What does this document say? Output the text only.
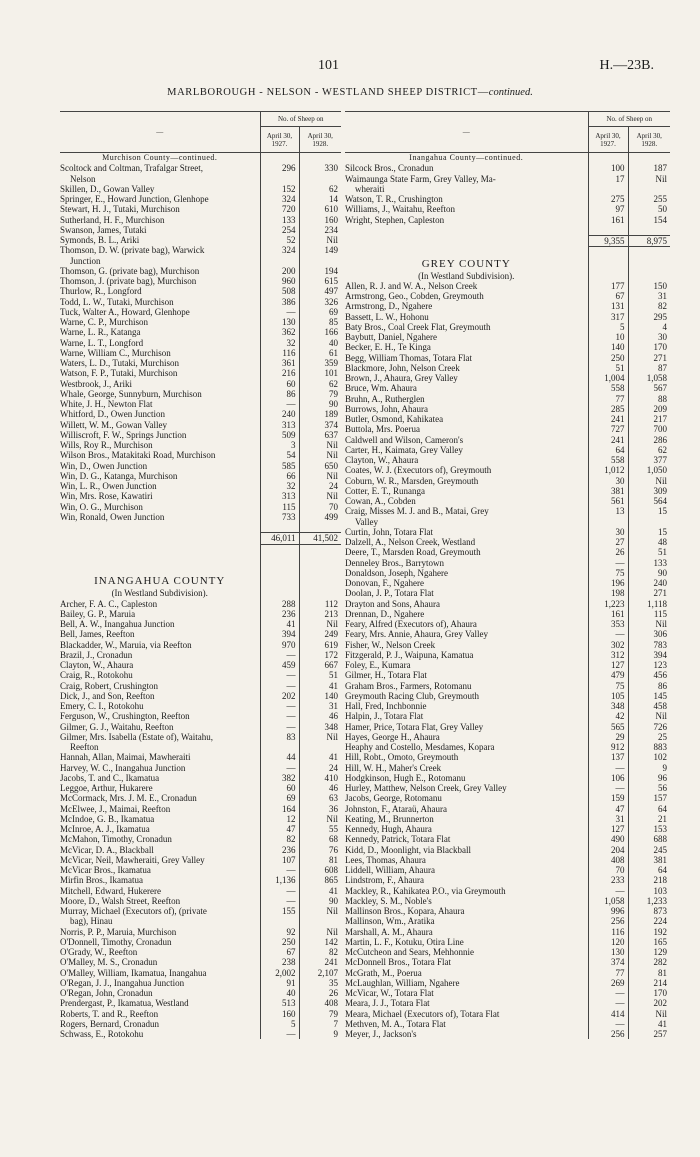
101	H.—23B.
MARLBOROUGH - NELSON - WESTLAND SHEEP DISTRICT—continued.
—	No. of Sheep on	
	April 30, 1927.	April 30, 1928.
Murchison County—continued.		
Scoltock and Coltman, Trafalgar Street,	296	330
Nelson		
Skillen, D., Gowan Valley	152	62
Springer, E., Howard Junction, Glenhope	324	14
Stewart, H. J., Tutaki, Murchison	720	610
Sutherland, H. F., Murchison	133	160
Swanson, James, Tutaki	254	234
Symonds, B. L., Ariki	52	Nil
Thomson, D. W. (private bag), Warwick	324	149
Junction		
Thomson, G. (private bag), Murchison	200	194
Thomson, J. (private bag), Murchison	960	615
Thurlow, R., Longford	508	497
Todd, L. W., Tutaki, Murchison	386	326
Tuck, Walter A., Howard, Glenhope	—	69
Warne, C. P., Murchison	130	85
Warne, L. R., Katanga	362	166
Warne, L. T., Longford	32	40
Warne, William C., Murchison	116	61
Waters, L. D., Tutaki, Murchison	361	359
Watson, F. P., Tutaki, Murchison	216	101
Westbrook, J., Ariki	60	62
Whale, George, Sunnyburn, Murchison	86	79
White, J. H., Newton Flat	—	90
Whitford, D., Owen Junction	240	189
Willett, W. M., Gowan Valley	313	374
Williscroft, F. W., Springs Junction	509	637
Wills, Roy R., Murchison	3	Nil
Wilson Bros., Matakitaki Road, Murchison	54	Nil
Win, D., Owen Junction	585	650
Win, D. G., Katanga, Murchison	66	Nil
Win, L. R., Owen Junction	32	24
Win, Mrs. Rose, Kawatiri	313	Nil
Win, O. G., Murchison	115	70
Win, Ronald, Owen Junction	733	499

	46,011	41,502

INANGAHUA COUNTY		
(In Westland Subdivision).		
Archer, F. A. C., Capleston	288	112
Bailey, G. P., Maruia	236	213
Bell, A. W., Inangahua Junction	41	Nil
Bell, James, Reefton	394	249
Blackadder, W., Maruia, via Reefton	970	619
Brazil, J., Cronadun	—	172
Clayton, W., Ahaura	459	667
Craig, R., Rotokohu	—	51
Craig, Robert, Crushington	—	41
Dick, J., and Son, Reefton	202	140
Emery, C. I., Rotokohu	—	31
Ferguson, W., Crushington, Reefton	—	46
Gilmer, G. J., Waitahu, Reefton	—	348
Gilmer, Mrs. Isabella (Estate of), Waitahu,	83	Nil
Reefton		
Hannah, Allan, Maimai, Mawheraiti	44	41
Harvey, W. C., Inangahua Junction	—	24
Jacobs, T. and C., Ikamatua	382	410
Leggoe, Arthur, Hukarere	60	46
McCormack, Mrs. J. M. E., Cronadun	69	63
McElwee, J., Maimai, Reefton	164	36
McIndoe, G. B., Ikamatua	12	Nil
McInroe, A. J., Ikamatua	47	55
McMahon, Timothy, Cronadun	82	68
McVicar, D. A., Blackball	236	76
McVicar, Neil, Mawheraiti, Grey Valley	107	81
McVicar Bros., Ikamatua	—	608
Mirfin Bros., Ikamatua	1,136	865
Mitchell, Edward, Hukerere	—	41
Moore, D., Walsh Street, Reefton	—	90
Murray, Michael (Executors of), (private	155	Nil
bag), Hinau		
Norris, P. P., Maruia, Murchison	92	Nil
O'Donnell, Timothy, Cronadun	250	142
O'Grady, W., Reefton	67	82
O'Malley, M. S., Cronadun	238	241
O'Malley, William, Ikamatua, Inangahua	2,002	2,107
O'Regan, J. J., Inangahua Junction	91	35
O'Regan, John, Cronadun	40	26
Prendergast, P., Ikamatua, Westland	513	408
Roberts, T. and R., Reefton	160	79
Rogers, Bernard, Cronadun	5	7
Schwass, E., Rotokohu	—	9
—	No. of Sheep on	
	April 30, 1927.	April 30, 1928.
Inangahua County—continued.		
Silcock Bros., Cronadun	100	187
Waimaunga State Farm, Grey Valley, Ma-	17	Nil
wheraiti		
Watson, T. R., Crushington	275	255
Williams, J., Waitahu, Reefton	97	50
Wright, Stephen, Capleston	161	154

	9,355	8,975

GREY COUNTY		
(In Westland Subdivision).		
Allen, R. J. and W. A., Nelson Creek	177	150
Armstrong, Geo., Cobden, Greymouth	67	31
Armstrong, D., Ngahere	131	82
Bassett, L. W., Hohonu	317	295
Baty Bros., Coal Creek Flat, Greymouth	5	4
Baybutt, Daniel, Ngahere	10	30
Becker, E. H., Te Kinga	140	170
Begg, William Thomas, Totara Flat	250	271
Blackmore, John, Nelson Creek	51	87
Brown, J., Ahaura, Grey Valley	1,004	1,058
Bruce, Wm. Ahaura	558	567
Bruhn, A., Rutherglen	77	88
Burrows, John, Ahaura	285	209
Butler, Osmond, Kahikatea	241	217
Buttola, Mrs. Poerua	727	700
Caldwell and Wilson, Cameron's	241	286
Carter, H., Kaimata, Grey Valley	64	62
Clayton, W., Ahaura	558	377
Coates, W. J. (Executors of), Greymouth	1,012	1,050
Coburn, W. R., Marsden, Greymouth	30	Nil
Cotter, E. T., Runanga	381	309
Cowan, A., Cobden	561	564
Craig, Misses M. J. and B., Matai, Grey	13	15
Valley		
Curtin, John, Totara Flat	30	15
Dalzell, A., Nelson Creek, Westland	27	48
Deere, T., Marsden Road, Greymouth	26	51
Denneley Bros., Barrytown	—	133
Donaldson, Joseph, Ngahere	75	90
Donovan, F., Ngahere	196	240
Doolan, J. P., Totara Flat	198	271
Drayton and Sons, Ahaura	1,223	1,118
Drennan, D., Ngahere	161	115
Feary, Alfred (Executors of), Ahaura	353	Nil
Feary, Mrs. Annie, Ahaura, Grey Valley	—	306
Fisher, W., Nelson Creek	302	783
Fitzgerald, P. J., Waipuna, Kamatua	312	394
Foley, E., Kumara	127	123
Gilmer, H., Totara Flat	479	456
Graham Bros., Farmers, Rotomanu	75	86
Greymouth Racing Club, Greymouth	105	145
Hall, Fred, Inchbonnie	348	458
Halpin, J., Totara Flat	42	Nil
Hamer, Price, Totara Flat, Grey Valley	565	726
Hayes, George H., Ahaura	29	25
Heaphy and Costello, Mesdames, Kopara	912	883
Hill, Robt., Omoto, Greymouth	137	102
Hill, W. H., Maher's Creek	—	9
Hodgkinson, Hugh E., Rotomanu	106	96
Hurley, Matthew, Nelson Creek, Grey Valley	—	56
Jacobs, George, Rotomanu	159	157
Johnston, F., Ataraü, Ahaura	47	64
Keating, M., Brunnerton	31	21
Kennedy, Hugh, Ahaura	127	153
Kennedy, Patrick, Totara Flat	490	688
Kidd, D., Moonlight, via Blackball	204	245
Lees, Thomas, Ahaura	408	381
Liddell, William, Ahaura	70	64
Lindstrom, F., Ahaura	233	218
Mackley, R., Kahikatea P.O., via Greymouth	—	103
Mackley, S. M., Noble's	1,058	1,233
Mallinson Bros., Kopara, Ahaura	996	873
Mallinson, Wm., Aratika	256	224
Marshall, A. M., Ahaura	116	192
Martin, L. F., Kotuku, Otira Line	120	165
McCutcheon and Sears, Mehhonnie	130	129
McDonnell Bros., Totara Flat	374	282
McGrath, M., Poerua	77	81
McLaughlan, William, Ngahere	269	214
McVicar, W., Totara Flat	—	170
Meara, J. J., Totara Flat	—	202
Meara, Michael (Executors of), Totara Flat	414	Nil
Methven, M. A., Totara Flat	—	41
Meyer, J., Jackson's	256	257
